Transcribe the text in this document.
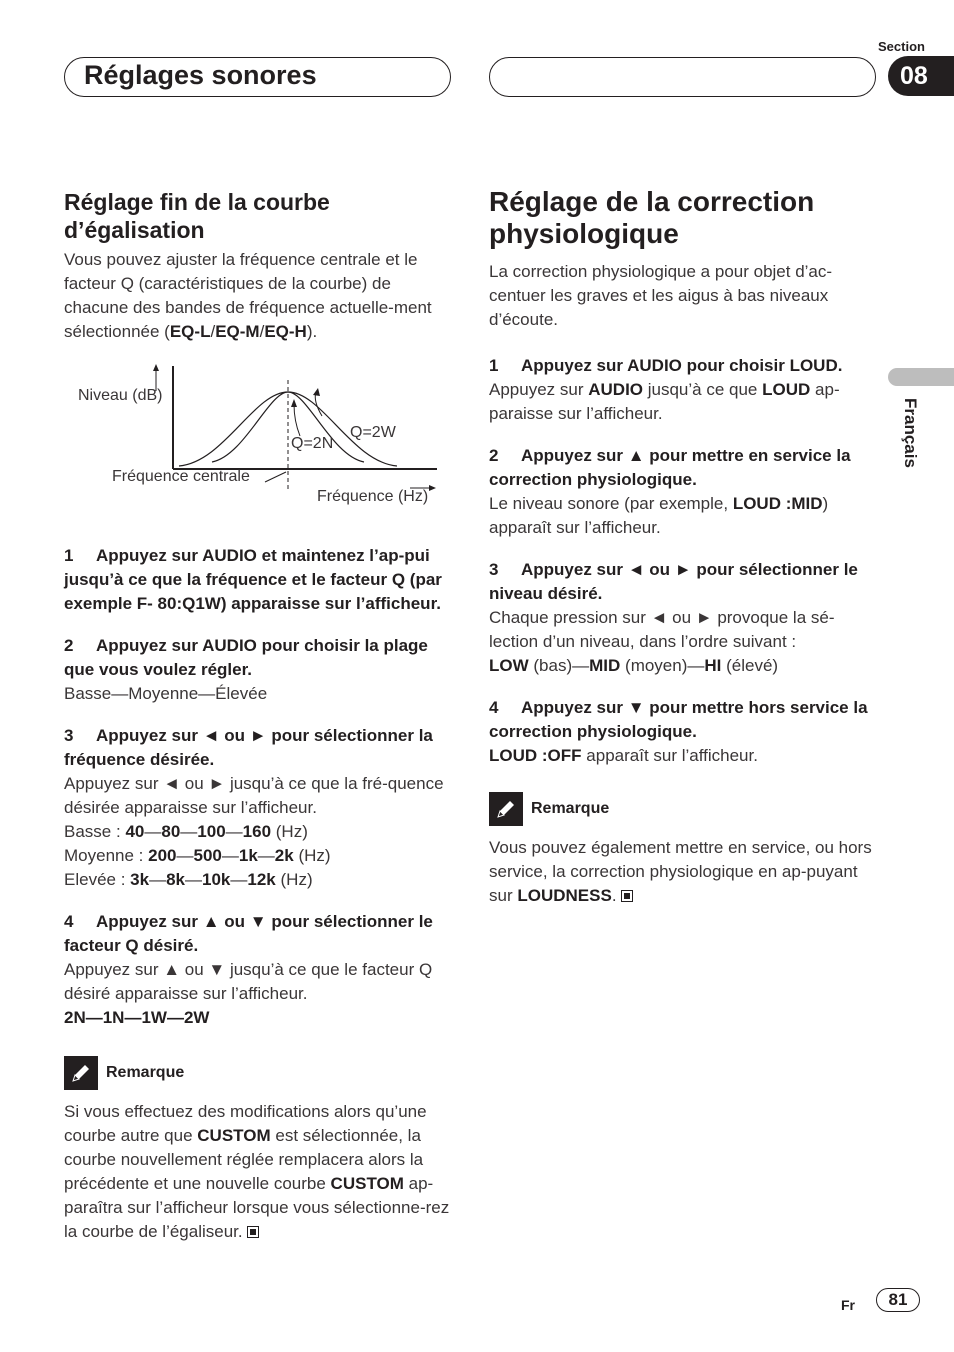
Réglages sonores
Section
08
Français
Réglage fin de la courbe d’égalisation
Vous pouvez ajuster la fréquence centrale et le facteur Q (caractéristiques de la courbe) de chacune des bandes de fréquence actuelle-ment sélectionnée (EQ-L/EQ-M/EQ-H).
Niveau (dB)
Fréquence centrale
Fréquence (Hz)
Q=2N
Q=2W
1 Appuyez sur AUDIO et maintenez l’ap-pui jusqu’à ce que la fréquence et le facteur Q (par exemple F- 80:Q1W) apparaisse sur l’afficheur.
2 Appuyez sur AUDIO pour choisir la plage que vous voulez régler.
Basse—Moyenne—Élevée
3 Appuyez sur ◄ ou ► pour sélectionner la fréquence désirée.
Appuyez sur ◄ ou ► jusqu’à ce que la fré-quence désirée apparaisse sur l’afficheur.
Basse : 40—80—100—160 (Hz)
Moyenne : 200—500—1k—2k (Hz)
Elevée : 3k—8k—10k—12k (Hz)
4 Appuyez sur ▲ ou ▼ pour sélectionner le facteur Q désiré.
Appuyez sur ▲ ou ▼ jusqu’à ce que le facteur Q désiré apparaisse sur l’afficheur.
2N—1N—1W—2W
Remarque
Si vous effectuez des modifications alors qu’une courbe autre que CUSTOM est sélectionnée, la courbe nouvellement réglée remplacera alors la précédente et une nouvelle courbe CUSTOM ap-paraîtra sur l’afficheur lorsque vous sélectionne-rez la courbe de l’égaliseur.
Réglage de la correction physiologique
La correction physiologique a pour objet d’ac-centuer les graves et les aigus à bas niveaux d’écoute.
1 Appuyez sur AUDIO pour choisir LOUD.
Appuyez sur AUDIO jusqu’à ce que LOUD ap-paraisse sur l’afficheur.
2 Appuyez sur ▲ pour mettre en service la correction physiologique.
Le niveau sonore (par exemple, LOUD :MID) apparaît sur l’afficheur.
3 Appuyez sur ◄ ou ► pour sélectionner le niveau désiré.
Chaque pression sur ◄ ou ► provoque la sé-lection d’un niveau, dans l’ordre suivant :
LOW (bas)—MID (moyen)—HI (élevé)
4 Appuyez sur ▼ pour mettre hors service la correction physiologique.
LOUD :OFF apparaît sur l’afficheur.
Remarque
Vous pouvez également mettre en service, ou hors service, la correction physiologique en ap-puyant sur LOUDNESS.
Fr	81
